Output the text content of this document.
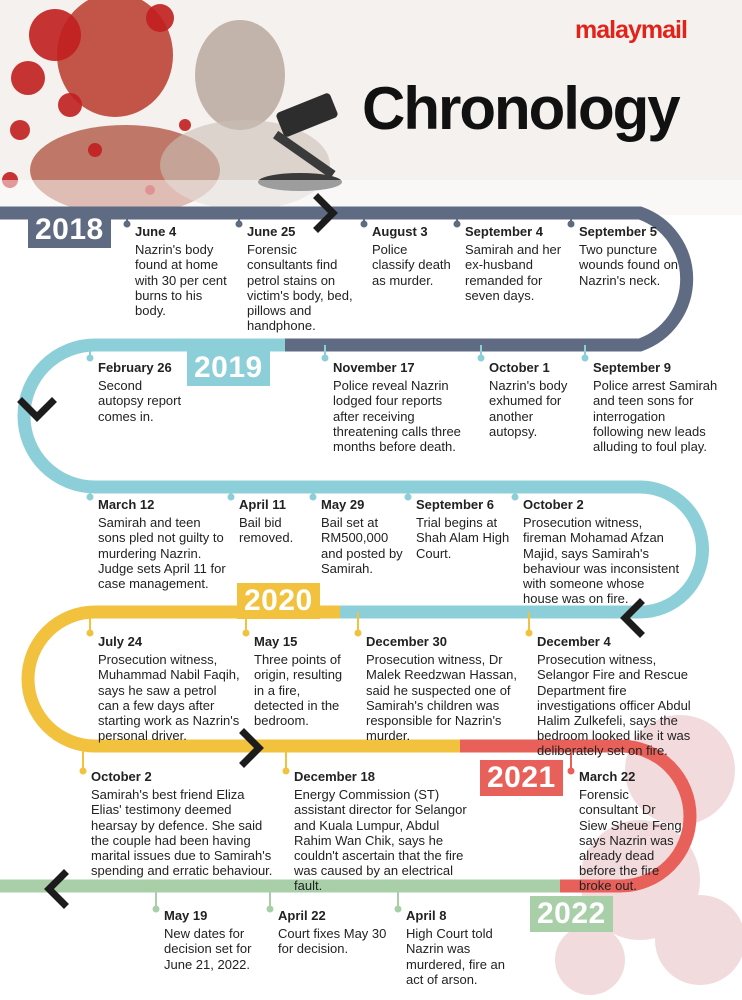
malaymail
Chronology
2018
2019
2020
2021
2022
June 4
Nazrin's body found at home with 30 per cent burns to his body.
June 25
Forensic consultants find petrol stains on victim's body, bed, pillows and handphone.
August 3
Police classify death as murder.
September 4
Samirah and her ex-husband remanded for seven days.
September 5
Two puncture wounds found on Nazrin's neck.
September 9
Police arrest Samirah and teen sons for interrogation following new leads alluding to foul play.
October 1
Nazrin's body exhumed for another autopsy.
November 17
Police reveal Nazrin lodged four reports after receiving threatening calls three months before death.
February 26
Second autopsy report comes in.
March 12
Samirah and teen sons pled not guilty to murdering Nazrin. Judge sets April 11 for case management.
April 11
Bail bid removed.
May 29
Bail set at RM500,000 and posted by Samirah.
September 6
Trial begins at Shah Alam High Court.
October 2
Prosecution witness, fireman Mohamad Afzan Majid, says Samirah's behaviour was inconsistent with someone whose house was on fire.
December 4
Prosecution witness, Selangor Fire and Rescue Department fire investigations officer Abdul Halim Zulkefeli, says the bedroom looked like it was deliberately set on fire.
December 30
Prosecution witness, Dr Malek Reedzwan Hassan, said he suspected one of Samirah's children was responsible for Nazrin's murder.
May 15
Three points of origin, resulting in a fire, detected in the bedroom.
July 24
Prosecution witness, Muhammad Nabil Faqih, says he saw a petrol can a few days after starting work as Nazrin's personal driver.
October 2
Samirah's best friend Eliza Elias' testimony deemed hearsay by defence. She said the couple had been having marital issues due to Samirah's spending and erratic behaviour.
December 18
Energy Commission (ST) assistant director for Selangor and Kuala Lumpur, Abdul Rahim Wan Chik, says he couldn't ascertain that the fire was caused by an electrical fault.
March 22
Forensic consultant Dr Siew Sheue Feng says Nazrin was already dead before the fire broke out.
April 8
High Court told Nazrin was murdered, fire an act of arson.
April 22
Court fixes May 30 for decision.
May 19
New dates for decision set for June 21, 2022.
